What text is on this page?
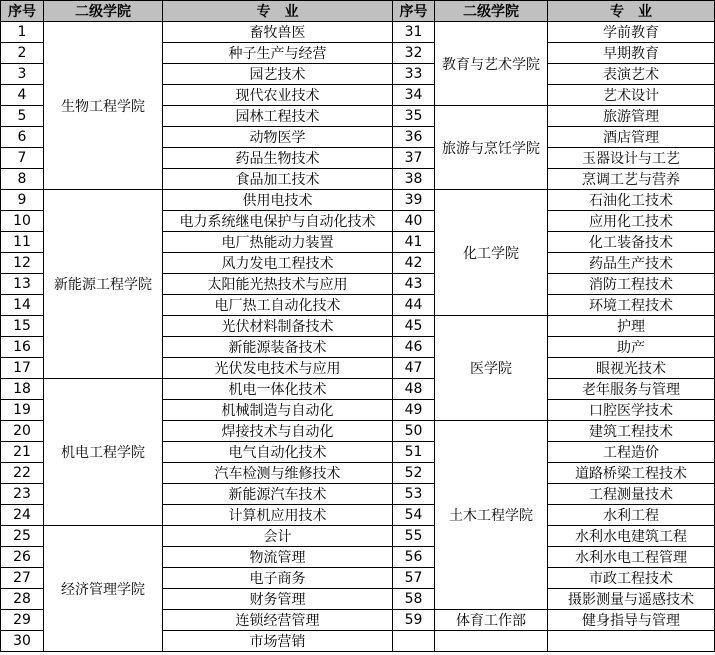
序号	二级学院	专　业	序号	二级学院	专　业
1	生物工程学院	畜牧兽医	31	教育与艺术学院	学前教育
2		种子生产与经营	32		早期教育
3		园艺技术	33		表演艺术
4		现代农业技术	34		艺术设计
5		园林工程技术	35	旅游与烹饪学院	旅游管理
6		动物医学	36		酒店管理
7		药品生物技术	37		玉器设计与工艺
8		食品加工技术	38		烹调工艺与营养
9	新能源工程学院	供用电技术	39	化工学院	石油化工技术
10		电力系统继电保护与自动化技术	40		应用化工技术
11		电厂热能动力装置	41		化工装备技术
12		风力发电工程技术	42		药品生产技术
13		太阳能光热技术与应用	43		消防工程技术
14		电厂热工自动化技术	44		环境工程技术
15		光伏材料制备技术	45	医学院	护理
16		新能源装备技术	46		助产
17		光伏发电技术与应用	47		眼视光技术
18	机电工程学院	机电一体化技术	48		老年服务与管理
19		机械制造与自动化	49		口腔医学技术
20		焊接技术与自动化	50	土木工程学院	建筑工程技术
21		电气自动化技术	51		工程造价
22		汽车检测与维修技术	52		道路桥梁工程技术
23		新能源汽车技术	53		工程测量技术
24		计算机应用技术	54		水利工程
25	经济管理学院	会计	55		水利水电建筑工程
26		物流管理	56		水利水电工程管理
27		电子商务	57		市政工程技术
28		财务管理	58		摄影测量与遥感技术
29		连锁经营管理	59	体育工作部	健身指导与管理
30		市场营销			
